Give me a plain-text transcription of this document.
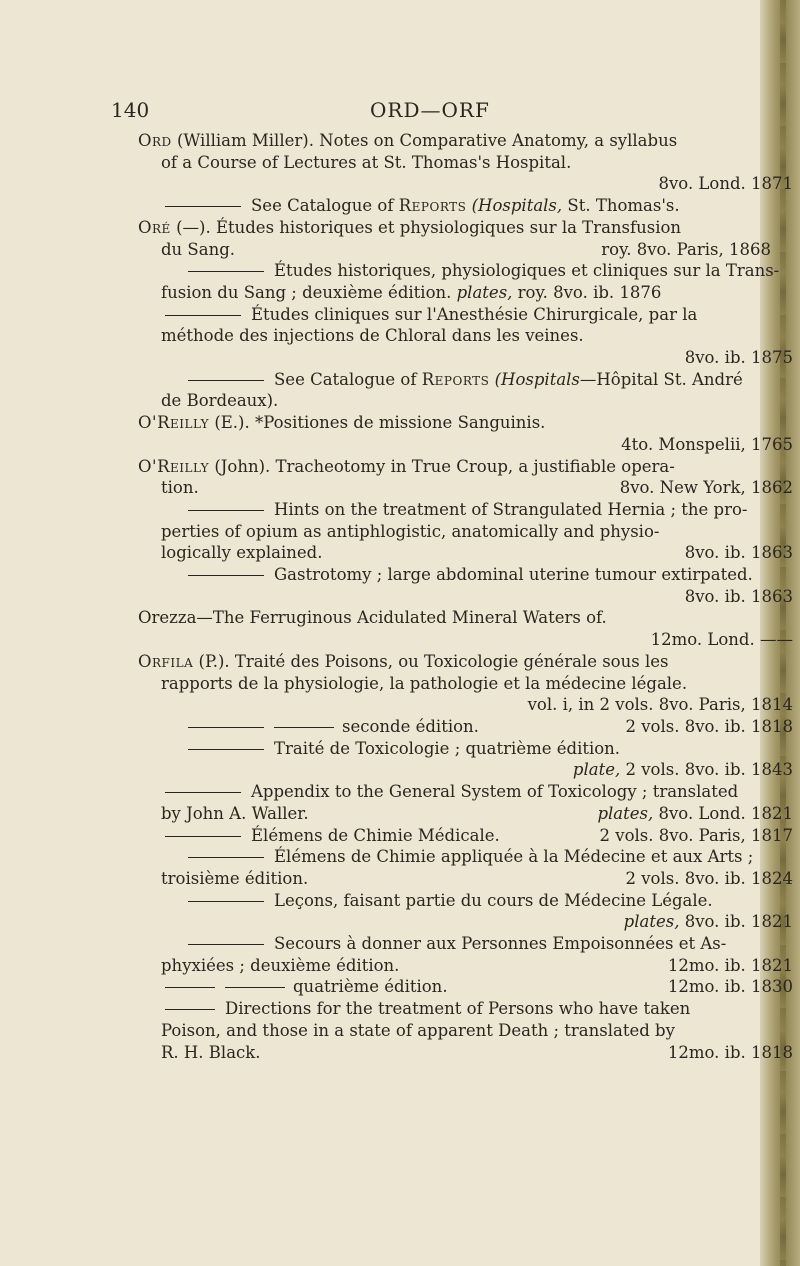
140	ORD—ORF
Ord (William Miller). Notes on Comparative Anatomy, a syllabus
of a Course of Lectures at St. Thomas's Hospital.
8vo. Lond. 1871
See Catalogue of Reports (Hospitals, St. Thomas's.
Oré (—). Études historiques et physiologiques sur la Transfusion
du Sang.	roy. 8vo. Paris, 1868
Études historiques, physiologiques et cliniques sur la Trans-
fusion du Sang ; deuxième édition. plates, roy. 8vo. ib. 1876
Études cliniques sur l'Anesthésie Chirurgicale, par la
méthode des injections de Chloral dans les veines.
8vo. ib. 1875
See Catalogue of Reports (Hospitals—Hôpital St. André
de Bordeaux).
O'Reilly (E.). *Positiones de missione Sanguinis.
4to. Monspelii, 1765
O'Reilly (John). Tracheotomy in True Croup, a justifiable opera-
tion.	8vo. New York, 1862
Hints on the treatment of Strangulated Hernia ; the pro-
perties of opium as antiphlogistic, anatomically and physio-
logically explained.	8vo. ib. 1863
Gastrotomy ; large abdominal uterine tumour extirpated.
8vo. ib. 1863
Orezza—The Ferruginous Acidulated Mineral Waters of.
12mo. Lond. ——
Orfila (P.). Traité des Poisons, ou Toxicologie générale sous les
rapports de la physiologie, la pathologie et la médecine légale.
vol. i, in 2 vols. 8vo. Paris, 1814
seconde édition.	2 vols. 8vo. ib. 1818
Traité de Toxicologie ; quatrième édition.
plate, 2 vols. 8vo. ib. 1843
Appendix to the General System of Toxicology ; translated
by John A. Waller.	plates, 8vo. Lond. 1821
Élémens de Chimie Médicale.	2 vols. 8vo. Paris, 1817
Élémens de Chimie appliquée à la Médecine et aux Arts ;
troisième édition.	2 vols. 8vo. ib. 1824
Leçons, faisant partie du cours de Médecine Légale.
plates, 8vo. ib. 1821
Secours à donner aux Personnes Empoisonnées et As-
phyxiées ; deuxième édition.	12mo. ib. 1821
quatrième édition.	12mo. ib. 1830
Directions for the treatment of Persons who have taken
Poison, and those in a state of apparent Death ; translated by
R. H. Black.	12mo. ib. 1818
